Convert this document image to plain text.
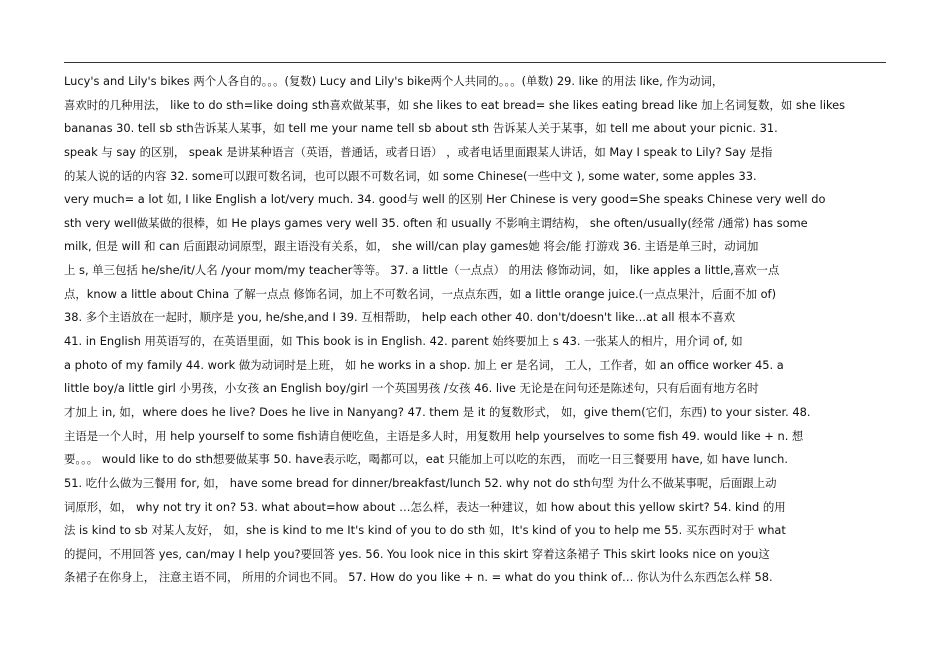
Lucy's and Lily's bikes 两个人各自的。。。(复数) Lucy and Lily's bike两个人共同的。。。(单数) 29. like 的用法 like, 作为动词，
喜欢时的几种用法， like to do sth=like doing sth喜欢做某事，如 she likes to eat bread= she likes eating bread like 加上名词复数，如 she likes
bananas 30. tell sb sth告诉某人某事，如 tell me your name tell sb about sth 告诉某人关于某事，如 tell me about your picnic. 31.
speak 与 say 的区别， speak 是讲某种语言（英语，普通话，或者日语） ，或者电话里面跟某人讲话，如 May I speak to Lily? Say 是指
的某人说的话的内容 32. some可以跟可数名词，也可以跟不可数名词，如 some Chinese(一些中文 ), some water, some apples 33.
very much= a lot 如, I like English a lot/very much. 34. good与 well 的区别 Her Chinese is very good=She speaks Chinese very well do
sth very well做某做的很棒，如 He plays games very well 35. often 和 usually 不影响主谓结构， she often/usually(经常 /通常) has some
milk, 但是 will 和 can 后面跟动词原型，跟主语没有关系，如， she will/can play games她 将会/能 打游戏 36. 主语是单三时，动词加
上 s, 单三包括 he/she/it/人名 /your mom/my teacher等等。 37. a little（一点点） 的用法 修饰动词，如， like apples a little,喜欢一点
点，know a little about China 了解一点点 修饰名词，加上不可数名词，一点点东西，如 a little orange juice.(一点点果汁，后面不加 of)
38. 多个主语放在一起时，顺序是 you, he/she,and I 39. 互相帮助， help each other 40. don't/doesn't like…at all 根本不喜欢
41. in English 用英语写的，在英语里面，如 This book is in English. 42. parent 始终要加上 s 43. 一张某人的相片，用介词 of, 如
a photo of my family 44. work 做为动词时是上班， 如 he works in a shop. 加上 er 是名词， 工人，工作者，如 an office worker 45. a
little boy/a little girl 小男孩，小女孩 an English boy/girl 一个英国男孩 /女孩 46. live 无论是在问句还是陈述句，只有后面有地方名时
才加上 in, 如，where does he live? Does he live in Nanyang? 47. them 是 it 的复数形式， 如，give them(它们，东西) to your sister. 48.
主语是一个人时，用 help yourself to some fish请自便吃鱼，主语是多人时，用复数用 help yourselves to some fish 49. would like + n. 想
要。。。 would like to do sth想要做某事 50. have表示吃，喝都可以，eat 只能加上可以吃的东西， 而吃一日三餐要用 have, 如 have lunch.
51. 吃什么做为三餐用 for, 如， have some bread for dinner/breakfast/lunch 52. why not do sth句型 为什么不做某事呢，后面跟上动
词原形，如， why not try it on? 53. what about=how about …怎么样，表达一种建议，如 how about this yellow skirt? 54. kind 的用
法 is kind to sb 对某人友好， 如，she is kind to me It's kind of you to do sth 如，It's kind of you to help me 55. 买东西时对于 what
的提问，不用回答 yes, can/may I help you?要回答 yes. 56. You look nice in this skirt 穿着这条裙子 This skirt looks nice on you这
条裙子在你身上， 注意主语不同， 所用的介词也不同。 57. How do you like + n. = what do you think of… 你认为什么东西怎么样 58.
